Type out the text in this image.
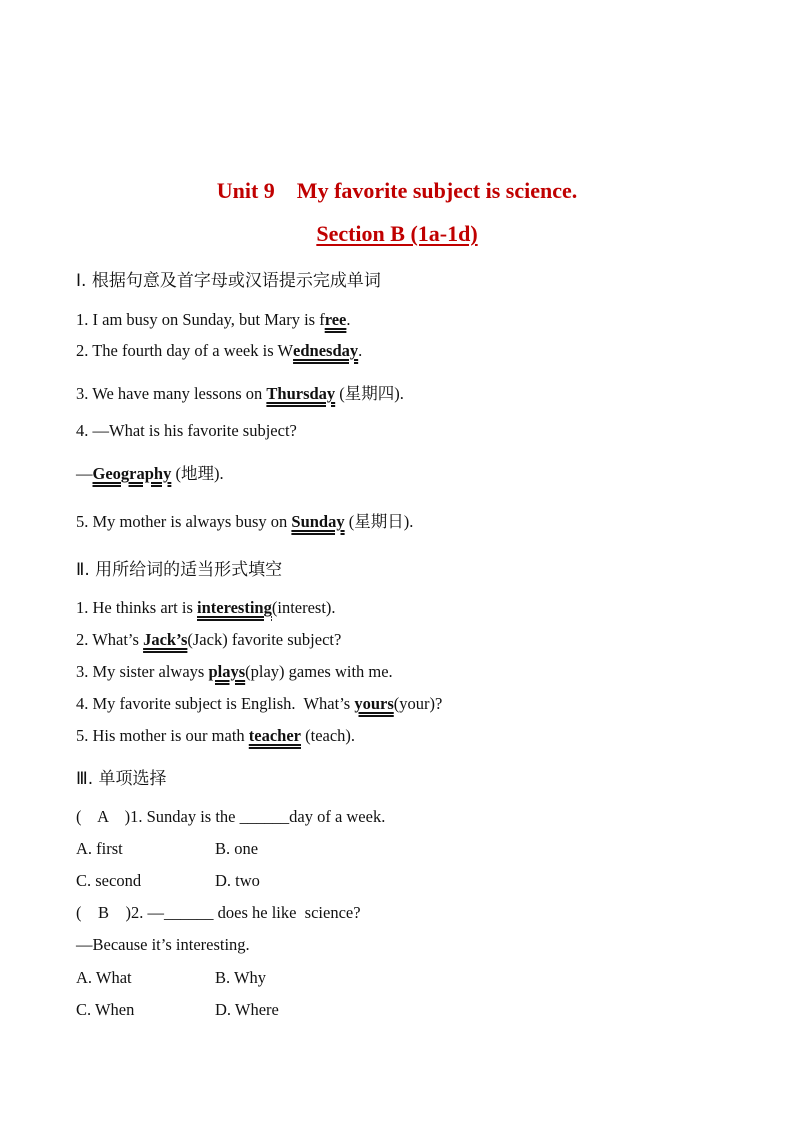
Unit 9    My favorite subject is science.
Section B (1a-1d)
Ⅰ. 根据句意及首字母或汉语提示完成单词
1. I am busy on Sunday, but Mary is free.
2. The fourth day of a week is Wednesday.
3. We have many lessons on Thursday (星期四).
4. —What is his favorite subject?
—Geography (地理).
5. My mother is always busy on Sunday (星期日).
Ⅱ. 用所给词的适当形式填空
1. He thinks art is interesting(interest).
2. What’s Jack’s(Jack) favorite subject?
3. My sister always plays(play) games with me.
4. My favorite subject is English.  What’s yours(your)?
5. His mother is our math teacher (teach).
Ⅲ. 单项选择
(    A    )1. Sunday is the ______day of a week.
A. first	B. one
C. second	D. two
(    B    )2. —______ does he like  science?
—Because it’s interesting.
A. What	B. Why
C. When	D. Where
